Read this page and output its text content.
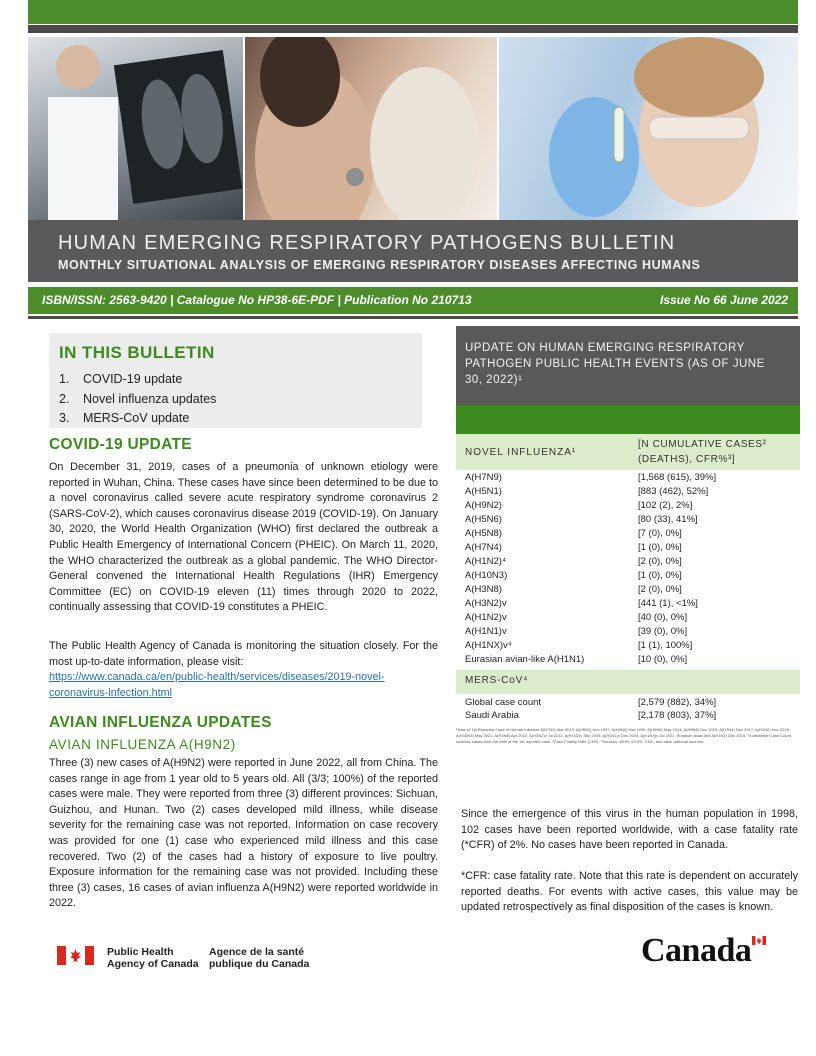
HUMAN EMERGING RESPIRATORY PATHOGENS BULLETIN
MONTHLY SITUATIONAL ANALYSIS OF EMERGING RESPIRATORY DISEASES AFFECTING HUMANS
ISBN/ISSN: 2563-9420 | Catalogue No HP38-6E-PDF | Publication No 210713	Issue No 66 June 2022
IN THIS BULLETIN
1. COVID-19 update
2. Novel influenza updates
3. MERS-CoV update
COVID-19 UPDATE
On December 31, 2019, cases of a pneumonia of unknown etiology were reported in Wuhan, China. These cases have since been determined to be due to a novel coronavirus called severe acute respiratory syndrome coronavirus 2 (SARS-CoV-2), which causes coronavirus disease 2019 (COVID-19). On January 30, 2020, the World Health Organization (WHO) first declared the outbreak a Public Health Emergency of International Concern (PHEIC). On March 11, 2020, the WHO characterized the outbreak as a global pandemic. The WHO Director-General convened the International Health Regulations (IHR) Emergency Committee (EC) on COVID-19 eleven (11) times through 2020 to 2022, continually assessing that COVID-19 constitutes a PHEIC.
The Public Health Agency of Canada is monitoring the situation closely. For the most up-to-date information, please visit:
https://www.canada.ca/en/public-health/services/diseases/2019-novel-coronavirus-infection.html
AVIAN INFLUENZA UPDATES
AVIAN INFLUENZA A(H9N2)
Three (3) new cases of A(H9N2) were reported in June 2022, all from China. The cases range in age from 1 year old to 5 years old. All (3/3; 100%) of the reported cases were male. They were reported from three (3) different provinces: Sichuan, Guizhou, and Hunan. Two (2) cases developed mild illness, while disease severity for the remaining case was not reported. Information on case recovery was provided for one (1) case who experienced mild illness and this case recovered. Two (2) of the cases had a history of exposure to live poultry. Exposure information for the remaining case was not provided. Including these three (3) cases, 16 cases of avian influenza A(H9N2) were reported worldwide in 2022.
UPDATE ON HUMAN EMERGING RESPIRATORY PATHOGEN PUBLIC HEALTH EVENTS (AS OF JUNE 30, 2022)¹
NOVEL INFLUENZA¹
[N CUMULATIVE CASES²
(DEATHS), CFR%³]
A(H7N9)	[1,568 (615), 39%]
A(H5N1)	[883 (462), 52%]
A(H9N2)	[102 (2), 2%]
A(H5N6)	[80 (33), 41%]
A(H5N8)	[7 (0), 0%]
A(H7N4)	[1 (0), 0%]
A(H1N2)⁴	[2 (0), 0%]
A(H10N3)	[1 (0), 0%]
A(H3N8)	[2 (0), 0%]
A(H3N2)v	[441 (1), <1%]
A(H1N2)v	[40 (0), 0%]
A(H1N1)v	[39 (0), 0%]
A(H1NX)v⁴	[1 (1), 100%]
Eurasian avian-like A(H1N1)	[10 (0), 0%]
MERS-CoV⁴
Global case count	[2,579 (882), 34%]
Saudi Arabia	[2,178 (803), 37%]
¹Date of 1st Reported Case of Human Infection A(H7N9) Mar 2013; A(H5N1) Nov 1997; A(H9N2) Mar 1999; A(H5N6) May 2014; A(H5N8) Dec 2020; A(H7N4) Dec 2017; A(H1N2) Nov 2018; A(H10N3) May 2021; A(H3N8) Apr 2022; A(H3N2)v Jul 2011; A(H1N2)v Sep 2005; A(H1N1)v Dec 2005; A(H1NX)v Jul 2021; Eurasian avian-like A(H1N1) Dec 2015. ²Cumulative Case Count includes cases from the date of the 1st reported case. ³Case Fatality Rate (CFR). ⁴Sources: WHO, ECDC, CDC, and other national sources.
Since the emergence of this virus in the human population in 1998, 102 cases have been reported worldwide, with a case fatality rate (*CFR) of 2%. No cases have been reported in Canada.
*CFR: case fatality rate. Note that this rate is dependent on accurately reported deaths. For events with active cases, this value may be updated retrospectively as final disposition of the cases is known.
Public Health
Agency of Canada
Agence de la santé
publique du Canada	Canada
